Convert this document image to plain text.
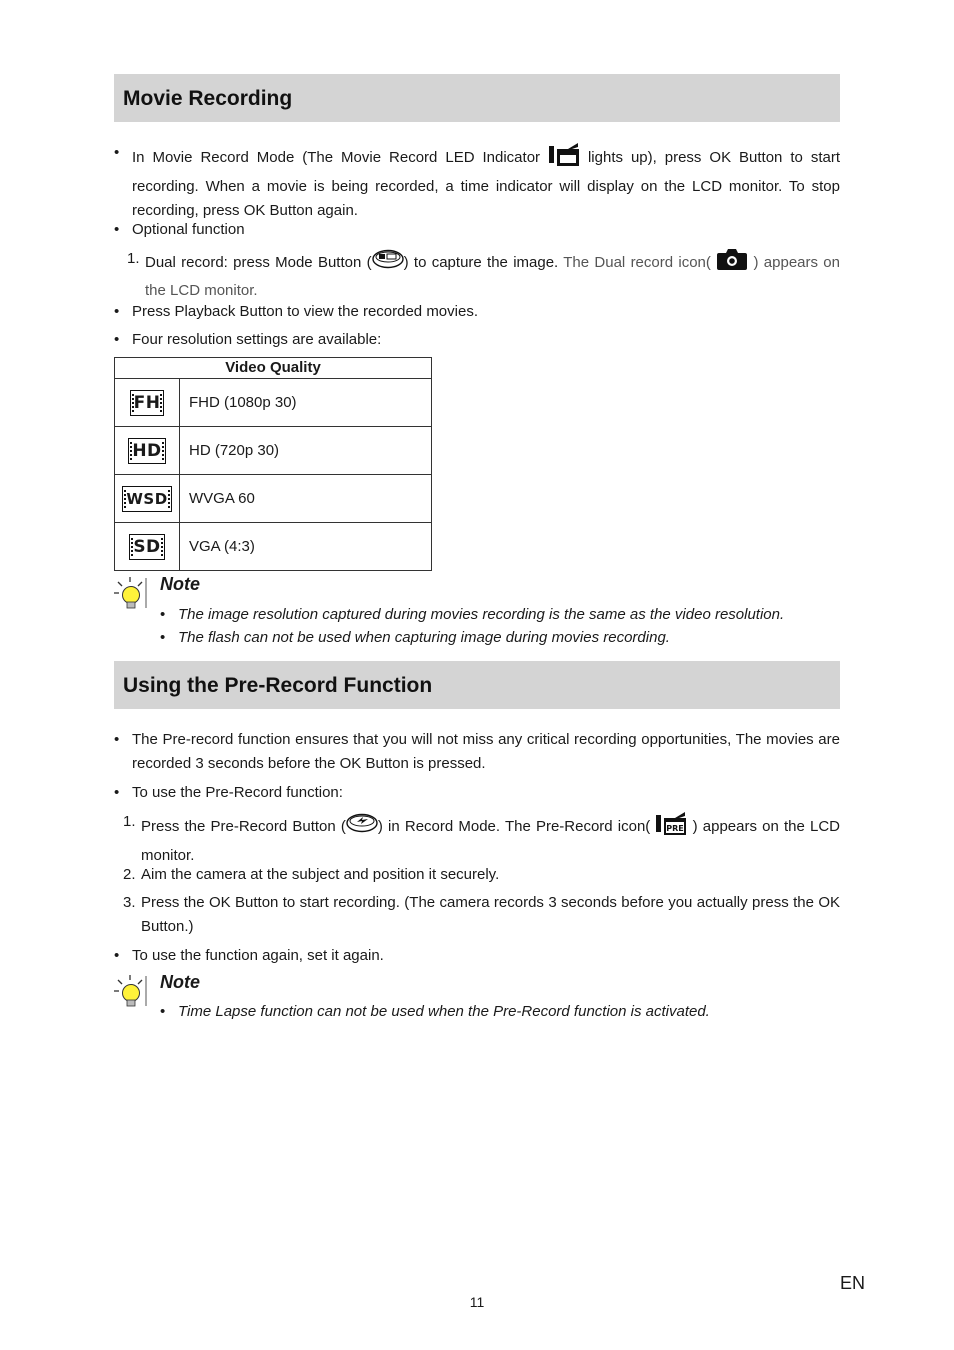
Movie Recording
• In Movie Record Mode (The Movie Record LED Indicator  lights up), press OK Button to start recording. When a movie is being recorded, a time indicator will display on the LCD monitor. To stop recording, press OK Button again.
• Optional function
1. Dual record: press Mode Button ( ) to capture the image. The Dual record icon(  ) appears on the LCD monitor.
• Press Playback Button to view the recorded movies.
• Four resolution settings are available:
Video Quality	
FH	FHD (1080p 30)
HD	HD (720p 30)
WSD	WVGA 60
SD	VGA (4:3)
Note
• The image resolution captured during movies recording is the same as the video resolution.
• The flash can not be used when capturing image during movies recording.
Using the Pre-Record Function
• The Pre-record function ensures that you will not miss any critical recording opportunities, The movies are recorded 3 seconds before the OK Button is pressed.
• To use the Pre-Record function:
1. Press the Pre-Record Button ( ) in Record Mode. The Pre-Record icon( PRE ) appears on the LCD monitor.
2. Aim the camera at the subject and position it securely.
3. Press the OK Button to start recording. (The camera records 3 seconds before you actually press the OK Button.)
• To use the function again, set it again.
Note
• Time Lapse function can not be used when the Pre-Record function is activated.
EN
11
